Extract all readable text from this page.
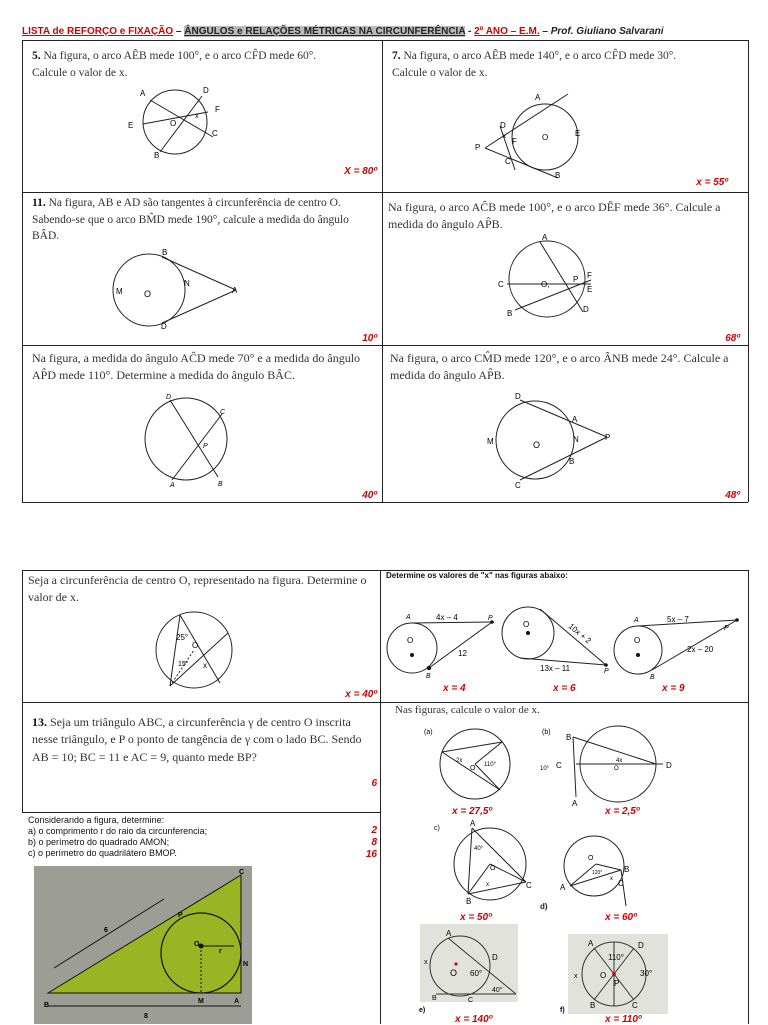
LISTA de REFORÇO e FIXAÇÃO – ÂNGULOS e RELAÇÕES MÉTRICAS NA CIRCUNFERÊNCIA - 2º ANO – E.M. – Prof. Giuliano Salvarani
5. Na figura, o arco AÊB mede 100°, e o arco CF̂D mede 60°. Calcule o valor de x.
A	D
F
E
C
B
O
x
X = 80º
7. Na figura, o arco AÊB mede 140°, e o arco CF̂D mede 30°. Calcule o valor de x.
A
D
F
P
C
B
E
O
x
x = 55º
11. Na figura, AB e AD são tangentes à circunferência de centro O. Sabendo-se que o arco BM̂D mede 190°, calcule a medida do ângulo BÂD.
B
D
M
N
O	A
10º
Na figura, o arco AĈB mede 100°, e o arco DÊF mede 36°. Calcule a medida do ângulo AP̂B.
A
C	O,
P F
E
D
B
68º
Na figura, a medida do ângulo AĈD mede 70° e a medida do ângulo AP̂D mede 110°. Determine a medida do ângulo BÂC.
D
C
P
B
A
40º
Na figura, o arco CM̂D mede 120°, e o arco ÂNB mede 24°. Calcule a medida do ângulo AP̂B.
D
A
M	N
O
P
B
C
48º
Seja a circunferência de centro O, representado na figura. Determine o valor de x.
25°
15°
O
x
x = 40º
Determine os valores de "x" nas figuras abaixo:
4x – 4
12
A
O
P
B
x = 4
10x + 2
13x – 11
O
P
x = 6
5x – 7
2x – 20
A
O
P
B
x = 9
13. Seja um triângulo ABC, a circunferência γ de centro O inscrita nesse triângulo, e P o ponto de tangência de γ com o lado BC. Sendo AB = 10; BC = 11 e AC = 9, quanto mede BP?
6
Nas figuras, calcule o valor de x.
(a)
2x
O 110°
x = 27,5º
(b)
B
C
10°
4x
O	D
A
x = 2,5º
c)
A
40°
O
x
B
C
x = 50º
d)
A
O
120°
x
B
C
x = 60º
A
x
O 60°
D
40°
B	C
e)
x = 140º
A
110°
D
30°
x	O
P
B	C
f)
x = 110º
Considerando a figura, determine:
a) o comprimento r do raio da circunferencia;
b) o perímetro do quadrado AMON;
c) o perímetro do quadrilátero BMOP.
2
8
16
B
C
P
O
r
N
M	A
6
8
